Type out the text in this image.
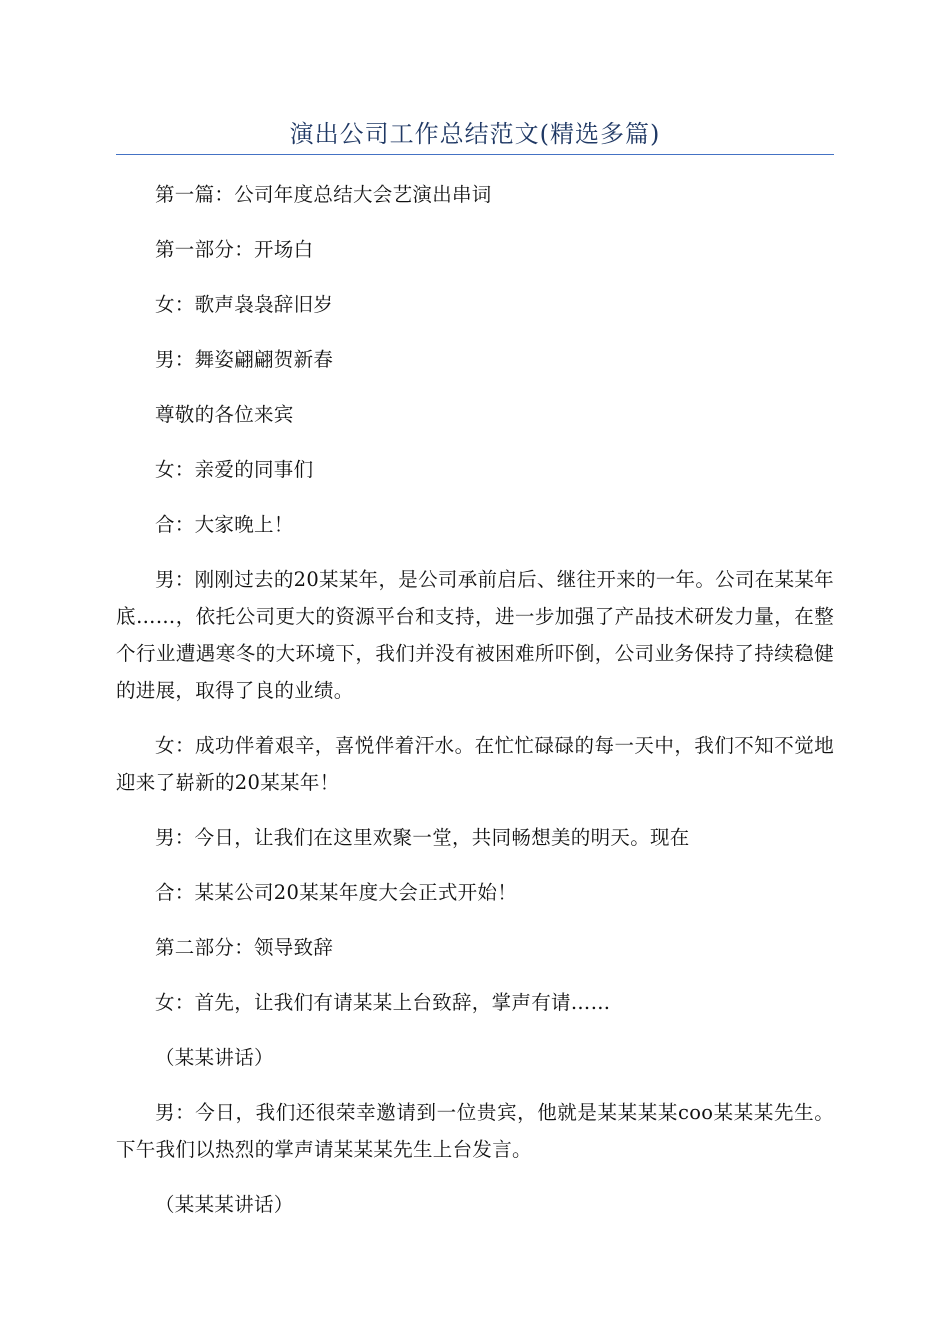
演出公司工作总结范文(精选多篇)

第一篇：公司年度总结大会艺演出串词

第一部分：开场白

女：歌声袅袅辞旧岁

男：舞姿翩翩贺新春

尊敬的各位来宾

女：亲爱的同事们

合：大家晚上！

男：刚刚过去的20某某年，是公司承前启后、继往开来的一年。公司在某某年底……，依托公司更大的资源平台和支持，进一步加强了产品技术研发力量，在整个行业遭遇寒冬的大环境下，我们并没有被困难所吓倒，公司业务保持了持续稳健的进展，取得了良的业绩。

女：成功伴着艰辛，喜悦伴着汗水。在忙忙碌碌的每一天中，我们不知不觉地迎来了崭新的20某某年！

男：今日，让我们在这里欢聚一堂，共同畅想美的明天。现在

合：某某公司20某某年度大会正式开始！

第二部分：领导致辞

女：首先，让我们有请某某上台致辞，掌声有请……

（某某讲话）

男：今日，我们还很荣幸邀请到一位贵宾，他就是某某某某coo某某某先生。下午我们以热烈的掌声请某某某先生上台发言。

（某某某讲话）
